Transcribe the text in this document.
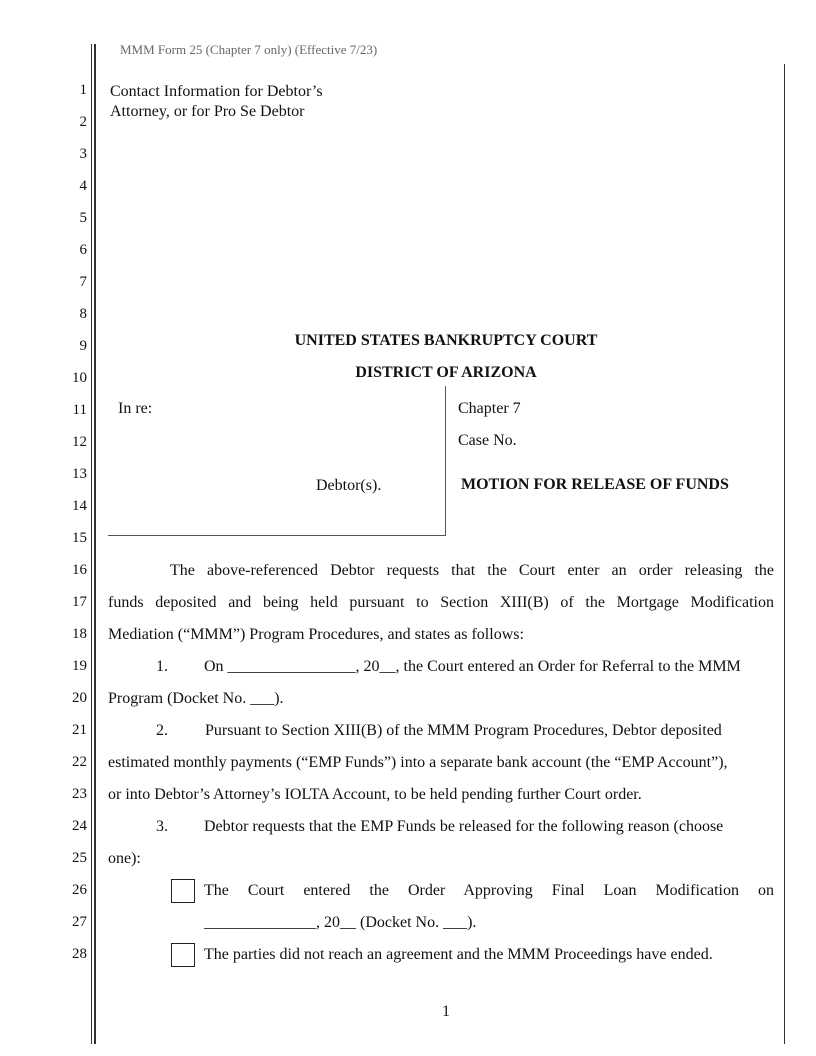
MMM Form 25 (Chapter 7 only) (Effective 7/23)
1
2
3
4
5
6
7
8
9
10
11
12
13
14
15
16
17
18
19
20
21
22
23
24
25
26
27
28
Contact Information for Debtor’s
Attorney, or for Pro Se Debtor
UNITED STATES BANKRUPTCY COURT
DISTRICT OF ARIZONA
In re:
Debtor(s).
Chapter 7
Case No.
MOTION FOR RELEASE OF FUNDS
The above-referenced Debtor requests that the Court enter an order releasing the
funds deposited and being held pursuant to Section XIII(B) of the Mortgage Modification
Mediation (“MMM”) Program Procedures, and states as follows:
1. On ________________, 20__, the Court entered an Order for Referral to the MMM
Program (Docket No. ___).
2. Pursuant to Section XIII(B) of the MMM Program Procedures, Debtor deposited
estimated monthly payments (“EMP Funds”) into a separate bank account (the “EMP Account”),
or into Debtor’s Attorney’s IOLTA Account, to be held pending further Court order.
3. Debtor requests that the EMP Funds be released for the following reason (choose
one):
The Court entered the Order Approving Final Loan Modification on
______________, 20__ (Docket No. ___).
The parties did not reach an agreement and the MMM Proceedings have ended.
1
